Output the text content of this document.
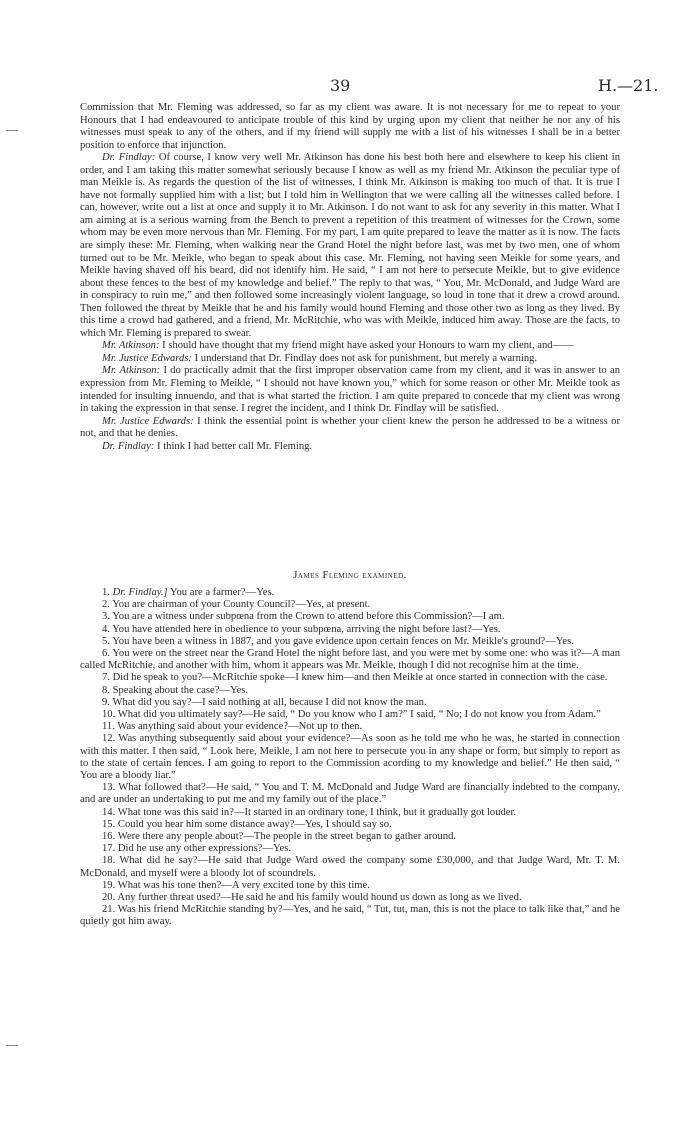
39	H.—21.

Commission that Mr. Fleming was addressed, so far as my client was aware. It is not necessary for me to repeat to your Honours that I had endeavoured to anticipate trouble of this kind by urging upon my client that neither he nor any of his witnesses must speak to any of the others, and if my friend will supply me with a list of his witnesses I shall be in a better position to enforce that injunction.

Dr. Findlay: Of course, I know very well Mr. Atkinson has done his best both here and elsewhere to keep his client in order, and I am taking this matter somewhat seriously because I know as well as my friend Mr. Atkinson the peculiar type of man Meikle is. As regards the question of the list of witnesses, I think Mr. Atkinson is making too much of that. It is true I have not formally supplied him with a list; but I told him in Wellington that we were calling all the witnesses called before. I can, however, write out a list at once and supply it to Mr. Atkinson. I do not want to ask for any severity in this matter. What I am aiming at is a serious warning from the Bench to prevent a repetition of this treatment of witnesses for the Crown, some whom may be even more nervous than Mr. Fleming. For my part, I am quite prepared to leave the matter as it is now. The facts are simply these: Mr. Fleming, when walking near the Grand Hotel the night before last, was met by two men, one of whom turned out to be Mr. Meikle, who began to speak about this case. Mr. Fleming, not having seen Meikle for some years, and Meikle having shaved off his beard, did not identify him. He said, “ I am not here to persecute Meikle, but to give evidence about these fences to the best of my knowledge and belief.” The reply to that was, “ You, Mr. McDonald, and Judge Ward are in conspiracy to ruin me,” and then followed some increasingly violent language, so loud in tone that it drew a crowd around. Then followed the threat by Meikle that he and his family would hound Fleming and those other two as long as they lived. By this time a crowd had gathered, and a friend, Mr. McRitchie, who was with Meikle, induced him away. Those are the facts, to which Mr. Fleming is prepared to swear.

Mr. Atkinson: I should have thought that my friend might have asked your Honours to warn my client, and——

Mr. Justice Edwards: I understand that Dr. Findlay does not ask for punishment, but merely a warning.

Mr. Atkinson: I do practically admit that the first improper observation came from my client, and it was in answer to an expression from Mr. Fleming to Meikle, “ I should not have known you,” which for some reason or other Mr. Meikle took as intended for insulting innuendo, and that is what started the friction. I am quite prepared to concede that my client was wrong in taking the expression in that sense. I regret the incident, and I think Dr. Findlay will be satisfied.

Mr. Justice Edwards: I think the essential point is whether your client knew the person he addressed to be a witness or not, and that he denies.

Dr. Findlay: I think I had better call Mr. Fleming.

James Fleming examined.

1. Dr. Findlay.] You are a farmer?—Yes.

2. You are chairman of your County Council?—Yes, at present.

3. You are a witness under subpœna from the Crown to attend before this Commission?—I am.

4. You have attended here in obedience to your subpœna, arriving the night before last?—Yes.

5. You have been a witness in 1887, and you gave evidence upon certain fences on Mr. Meikle's ground?—Yes.

6. You were on the street near the Grand Hotel the night before last, and you were met by some one: who was it?—A man called McRitchie, and another with him, whom it appears was Mr. Meikle, though I did not recognise him at the time.

7. Did he speak to you?—McRitchie spoke—I knew him—and then Meikle at once started in connection with the case.

8. Speaking about the case?—Yes.

9. What did you say?—I said nothing at all, because I did not know the man.

10. What did you ultimately say?—He said, “ Do you know who I am?” I said, “ No; I do not know you from Adam.”

11. Was anything said about your evidence?—Not up to then.

12. Was anything subsequently said about your evidence?—As soon as he told me who he was, he started in connection with this matter. I then said, “ Look here, Meikle, I am not here to persecute you in any shape or form, but simply to report as to the state of certain fences. I am going to report to the Commission acording to my knowledge and belief.” He then said, “ You are a bloody liar.”

13. What followed that?—He said, “ You and T. M. McDonald and Judge Ward are financially indebted to the company, and are under an undertaking to put me and my family out of the place.”

14. What tone was this said in?—It started in an ordinary tone, I think, but it gradually got louder.

15. Could you hear him some distance away?—Yes, I should say so.

16. Were there any people about?—The people in the street began to gather around.

17. Did he use any other expressions?—Yes.

18. What did he say?—He said that Judge Ward owed the company some £30,000, and that Judge Ward, Mr. T. M. McDonald, and myself were a bloody lot of scoundrels.

19. What was his tone then?—A very excited tone by this time.

20. Any further threat used?—He said he and his family would hound us down as long as we lived.

21. Was his friend McRitchie standing by?—Yes, and he said, “ Tut, tut, man, this is not the place to talk like that,” and he quietly got him away.
